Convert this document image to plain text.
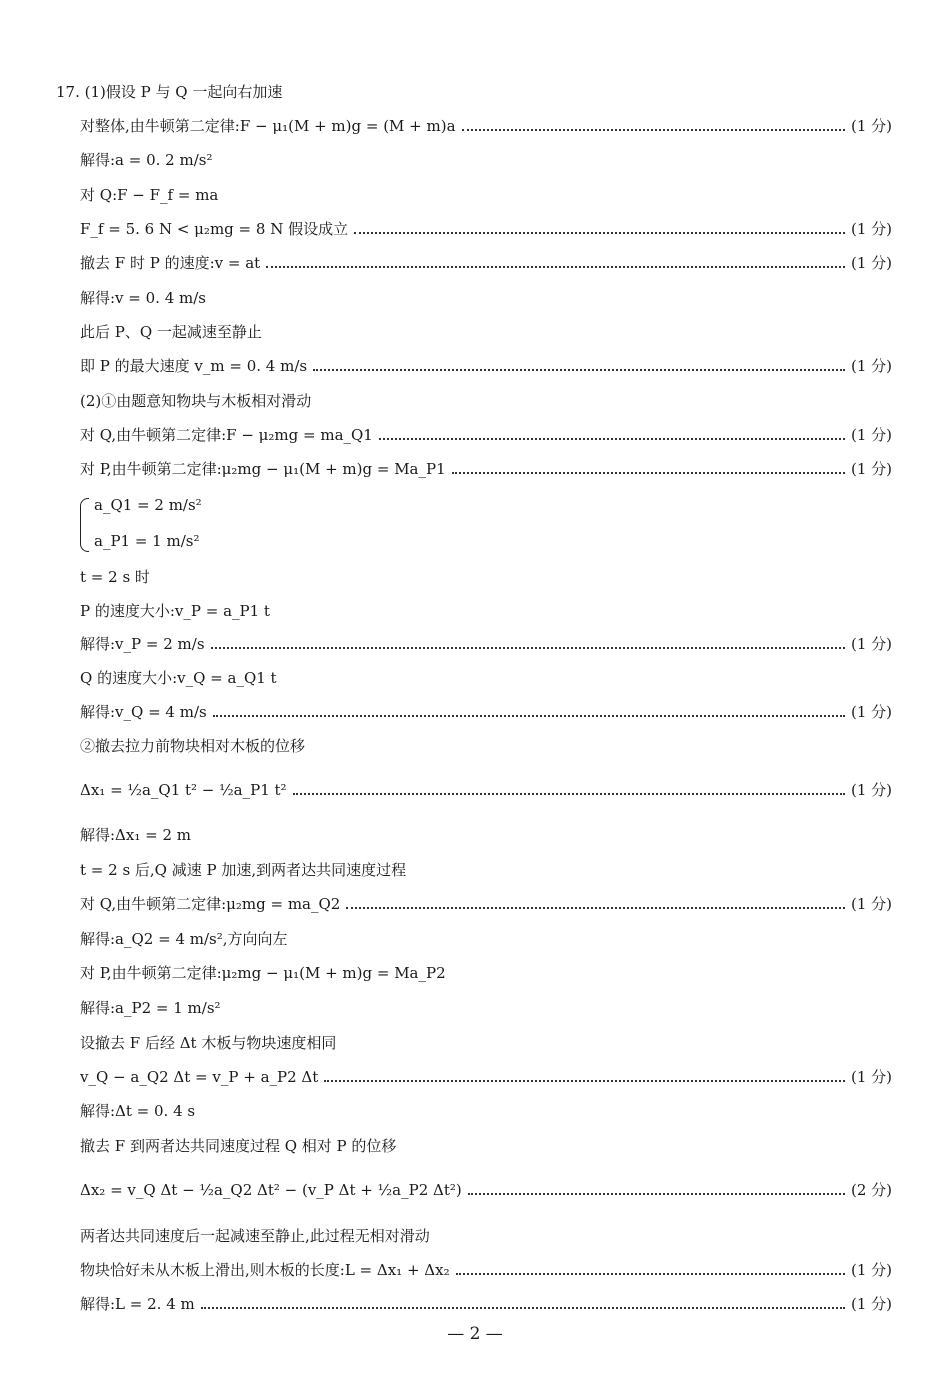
17. (1)假设 P 与 Q 一起向右加速
对整体,由牛顿第二定律:F − μ₁(M + m)g = (M + m)a	(1 分)
解得:a = 0. 2 m/s²
对 Q:F − F_f = ma
F_f = 5. 6 N < μ₂mg = 8 N 假设成立	(1 分)
撤去 F 时 P 的速度:v = at	(1 分)
解得:v = 0. 4 m/s
此后 P、Q 一起减速至静止
即 P 的最大速度 v_m = 0. 4 m/s	(1 分)
(2)①由题意知物块与木板相对滑动
对 Q,由牛顿第二定律:F − μ₂mg = ma_Q1	(1 分)
对 P,由牛顿第二定律:μ₂mg − μ₁(M + m)g = Ma_P1	(1 分)
a_Q1 = 2 m/s²
a_P1 = 1 m/s²
t = 2 s 时
P 的速度大小:v_P = a_P1 t
解得:v_P = 2 m/s	(1 分)
Q 的速度大小:v_Q = a_Q1 t
解得:v_Q = 4 m/s	(1 分)
②撤去拉力前物块相对木板的位移
Δx₁ = ½a_Q1 t² − ½a_P1 t²	(1 分)
解得:Δx₁ = 2 m
t = 2 s 后,Q 减速 P 加速,到两者达共同速度过程
对 Q,由牛顿第二定律:μ₂mg = ma_Q2	(1 分)
解得:a_Q2 = 4 m/s²,方向向左
对 P,由牛顿第二定律:μ₂mg − μ₁(M + m)g = Ma_P2
解得:a_P2 = 1 m/s²
设撤去 F 后经 Δt 木板与物块速度相同
v_Q − a_Q2 Δt = v_P + a_P2 Δt	(1 分)
解得:Δt = 0. 4 s
撤去 F 到两者达共同速度过程 Q 相对 P 的位移
Δx₂ = v_Q Δt − ½a_Q2 Δt² − (v_P Δt + ½a_P2 Δt²)	(2 分)
两者达共同速度后一起减速至静止,此过程无相对滑动
物块恰好未从木板上滑出,则木板的长度:L = Δx₁ + Δx₂	(1 分)
解得:L = 2. 4 m	(1 分)
— 2 —
